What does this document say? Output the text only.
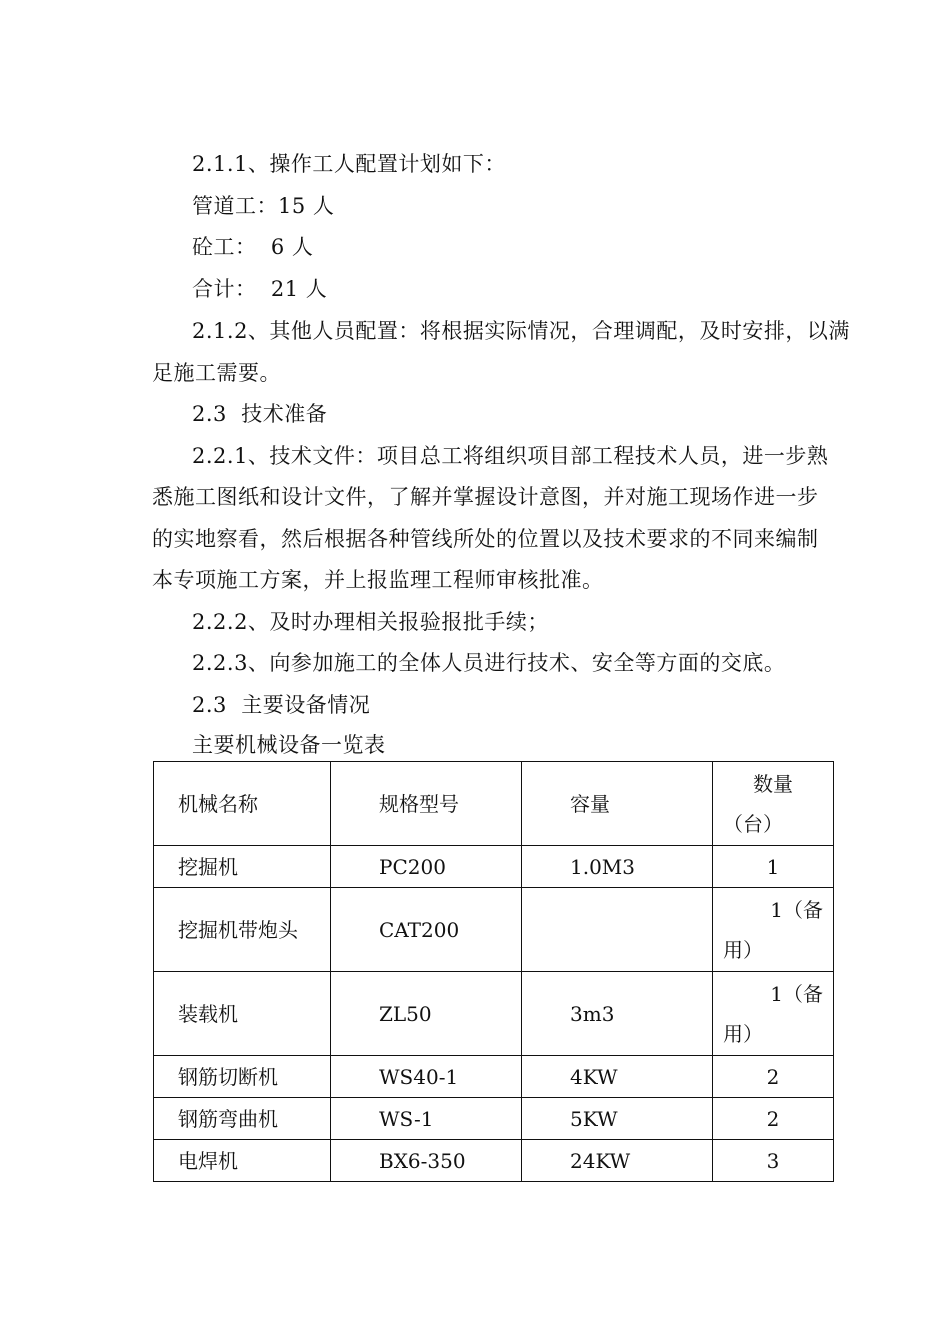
2.1.1、操作工人配置计划如下：
管道工：15 人
砼工：  6 人
合计：  21 人
2.1.2、其他人员配置：将根据实际情况，合理调配，及时安排，以满
足施工需要。
2.3  技术准备
2.2.1、技术文件：项目总工将组织项目部工程技术人员，进一步熟
悉施工图纸和设计文件，了解并掌握设计意图，并对施工现场作进一步
的实地察看，然后根据各种管线所处的位置以及技术要求的不同来编制
本专项施工方案，并上报监理工程师审核批准。
2.2.2、及时办理相关报验报批手续；
2.2.3、向参加施工的全体人员进行技术、安全等方面的交底。
2.3  主要设备情况
主要机械设备一览表
机械名称	规格型号	容量	数量
（台）

挖掘机	PC200	1.0M3	1

挖掘机带炮头	CAT200		1（备
用）

装载机	ZL50	3m3	1（备
用）

钢筋切断机	WS40-1	4KW	2

钢筋弯曲机	WS-1	5KW	2

电焊机	BX6-350	24KW	3
